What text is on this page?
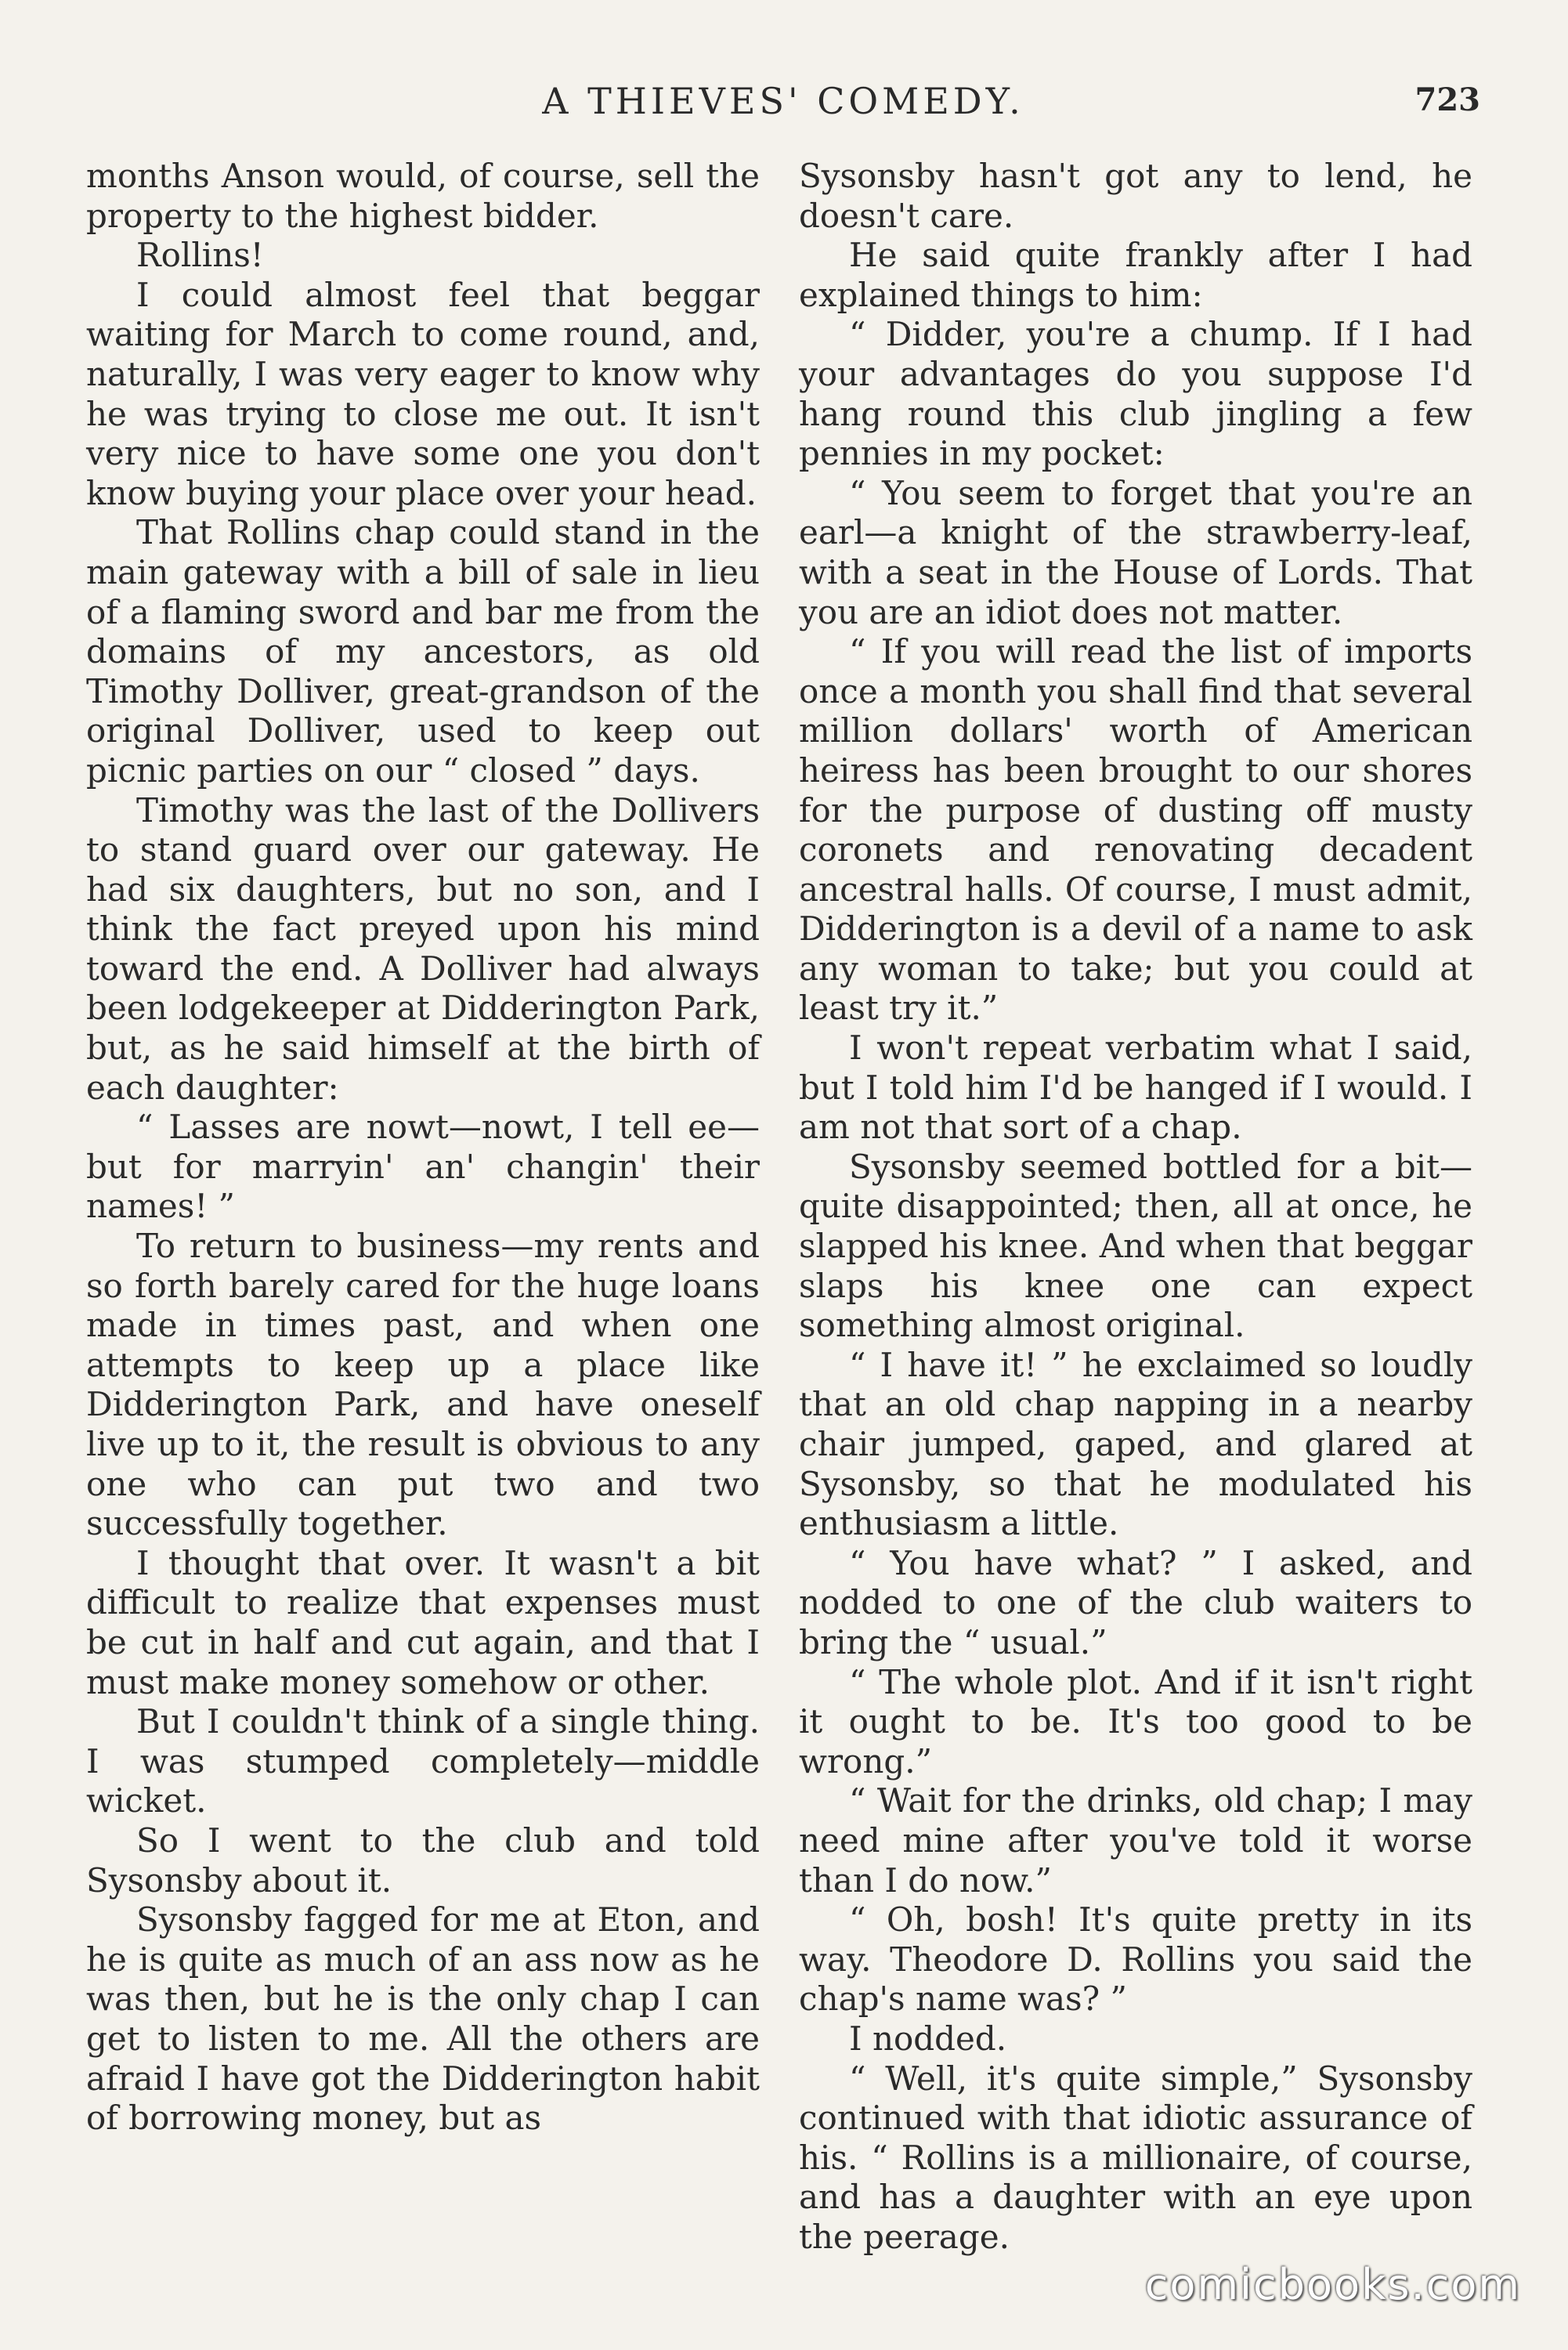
A THIEVES' COMEDY.	723

months Anson would, of course, sell the property to the highest bidder.

Rollins!

I could almost feel that beggar waiting for March to come round, and, naturally, I was very eager to know why he was trying to close me out. It isn't very nice to have some one you don't know buying your place over your head.

That Rollins chap could stand in the main gateway with a bill of sale in lieu of a flaming sword and bar me from the domains of my ancestors, as old Timothy Dolliver, great-grandson of the original Dolliver, used to keep out picnic parties on our “ closed ” days.

Timothy was the last of the Dollivers to stand guard over our gateway. He had six daughters, but no son, and I think the fact preyed upon his mind toward the end. A Dolliver had always been lodgekeeper at Didderington Park, but, as he said himself at the birth of each daughter:

“ Lasses are nowt—nowt, I tell ee—but for marryin' an' changin' their names! ”

To return to business—my rents and so forth barely cared for the huge loans made in times past, and when one attempts to keep up a place like Didderington Park, and have oneself live up to it, the result is obvious to any one who can put two and two successfully together.

I thought that over. It wasn't a bit difficult to realize that expenses must be cut in half and cut again, and that I must make money somehow or other.

But I couldn't think of a single thing. I was stumped completely—middle wicket.

So I went to the club and told Sysonsby about it.

Sysonsby fagged for me at Eton, and he is quite as much of an ass now as he was then, but he is the only chap I can get to listen to me. All the others are afraid I have got the Didderington habit of borrowing money, but as

Sysonsby hasn't got any to lend, he doesn't care.

He said quite frankly after I had explained things to him:

“ Didder, you're a chump. If I had your advantages do you suppose I'd hang round this club jingling a few pennies in my pocket:

“ You seem to forget that you're an earl—a knight of the strawberry-leaf, with a seat in the House of Lords. That you are an idiot does not matter.

“ If you will read the list of imports once a month you shall find that several million dollars' worth of American heiress has been brought to our shores for the purpose of dusting off musty coronets and renovating decadent ancestral halls. Of course, I must admit, Didderington is a devil of a name to ask any woman to take; but you could at least try it.”

I won't repeat verbatim what I said, but I told him I'd be hanged if I would. I am not that sort of a chap.

Sysonsby seemed bottled for a bit—quite disappointed; then, all at once, he slapped his knee. And when that beggar slaps his knee one can expect something almost original.

“ I have it! ” he exclaimed so loudly that an old chap napping in a nearby chair jumped, gaped, and glared at Sysonsby, so that he modulated his enthusiasm a little.

“ You have what? ” I asked, and nodded to one of the club waiters to bring the “ usual.”

“ The whole plot. And if it isn't right it ought to be. It's too good to be wrong.”

“ Wait for the drinks, old chap; I may need mine after you've told it worse than I do now.”

“ Oh, bosh! It's quite pretty in its way. Theodore D. Rollins you said the chap's name was? ”

I nodded.

“ Well, it's quite simple,” Sysonsby continued with that idiotic assurance of his. “ Rollins is a millionaire, of course, and has a daughter with an eye upon the peerage.

comicbooks.com
